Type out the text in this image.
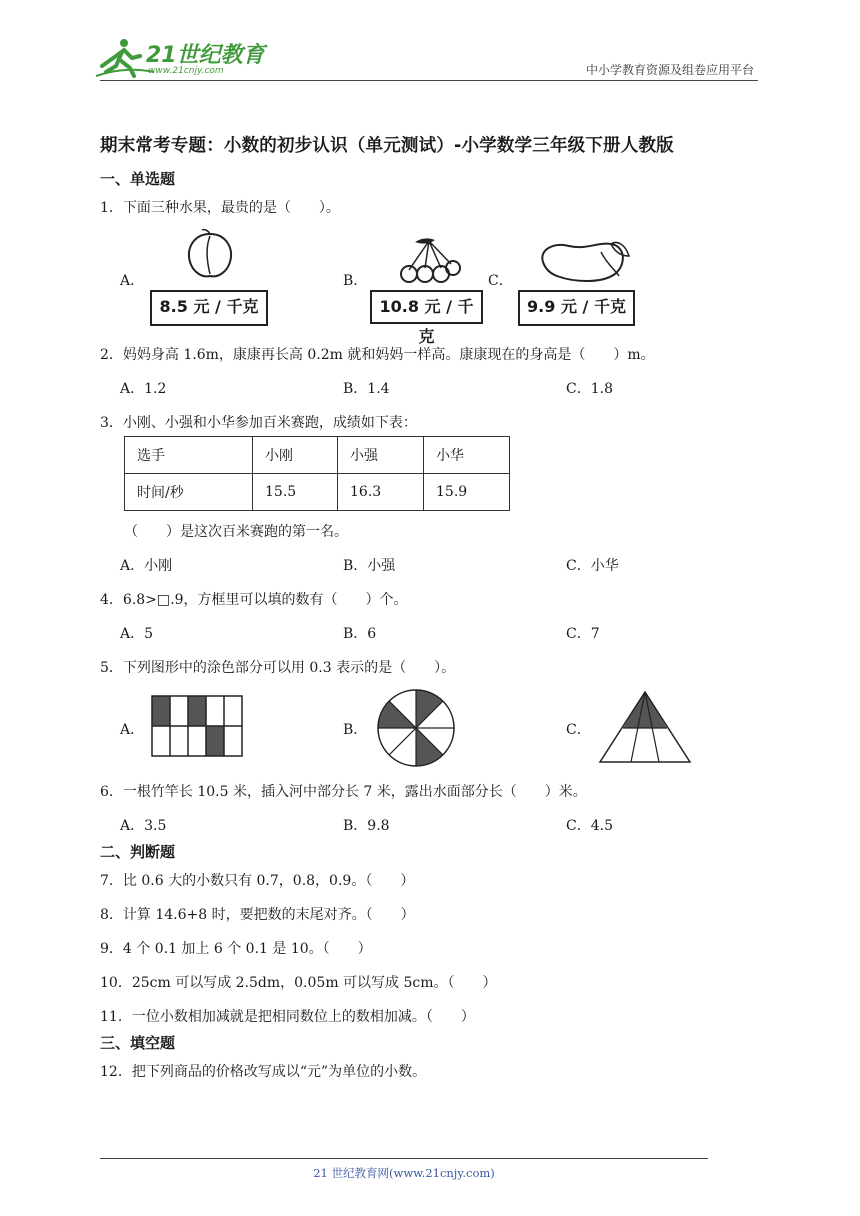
21世纪教育
www.21cnjy.com	中小学教育资源及组卷应用平台
期末常考专题：小数的初步认识（单元测试）-小学数学三年级下册人教版
一、单选题
1．下面三种水果，最贵的是（　　）。
A．	B．	C．
8.5 元 / 千克	10.8 元 / 千克
9.9 元 / 千克
2．妈妈身高 1.6m，康康再长高 0.2m 就和妈妈一样高。康康现在的身高是（　　）m。
A．1.2	B．1.4	C．1.8
3．小刚、小强和小华参加百米赛跑，成绩如下表：
选手	小刚	小强	小华
时间/秒	15.5	16.3	15.9
（　　）是这次百米赛跑的第一名。
A．小刚	B．小强	C．小华
4．6.8>□.9，方框里可以填的数有（　　）个。
A．5	B．6	C．7
5．下列图形中的涂色部分可以用 0.3 表示的是（　　）。
A．	B．	C．
6．一根竹竿长 10.5 米，插入河中部分长 7 米，露出水面部分长（　　）米。
A．3.5	B．9.8	C．4.5
二、判断题
7．比 0.6 大的小数只有 0.7，0.8，0.9。（　　）
8．计算 14.6+8 时，要把数的末尾对齐。（　　）
9．4 个 0.1 加上 6 个 0.1 是 10。（　　）
10．25cm 可以写成 2.5dm，0.05m 可以写成 5cm。（　　）
11．一位小数相加减就是把相同数位上的数相加减。（　　）
三、填空题
12．把下列商品的价格改写成以“元”为单位的小数。
21 世纪教育网(www.21cnjy.com)
